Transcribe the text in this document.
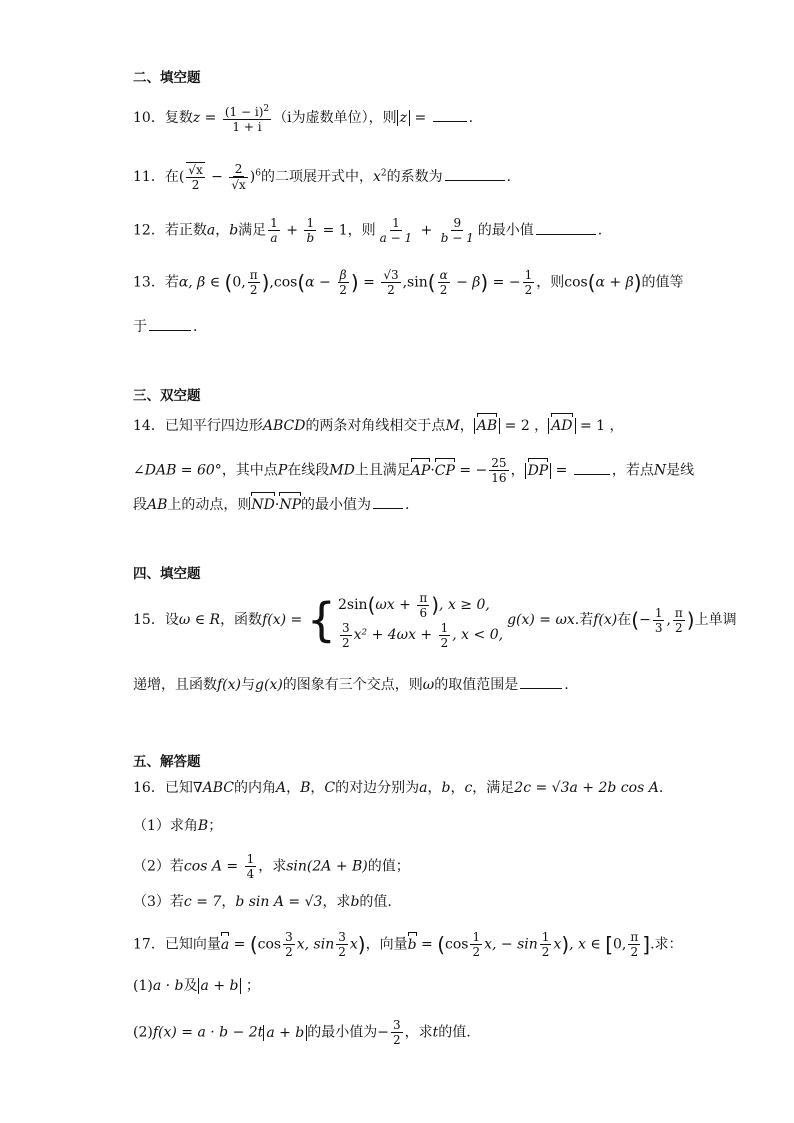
二、填空题
10．复数$z = \frac{(1 - i)^2}{1 + i} (i$为虚数单位），则 z =	.
11．在( $\frac{√x}{2} - \frac{2}{√x} )^6$的二项展开式中，$x^2$的系数为	．
12．若正数a，b满足 $\frac{1}{a} + \frac{1}{b} = 1$，则 $\frac{1}{a - 1} + \frac{9}{b - 1}$ 的最小值	.
13．若α, β ∈ (0, $\frac{\pi}{2} ),\cos(\alpha - \frac{\beta}{2}$ ) = $\frac{√3}{2} ,\sin( \frac{\alpha}{2} - \beta)$ = − $\frac{1}{2}$ ，则cos(α + β)的值等
于	．
三、双空题
14．已知平行四边形ABCD的两条对角线相交于点M， AB = 2 ， AD = 1 ，
∠DAB = 60°，其中点P在线段MD上且满足AP·CP = − $\frac{25}{16}$ ， DP =	，若点N是线
段AB上的动点，则ND·NP的最小值为 .
四、填空题
15．设ω ∈ R，函数f(x) = { $2\sin(\omega x + \frac{\pi}{6}$ ), x ≥ 0,
$\frac{3}{2} x^2 + 4\omega x + \frac{1}{2}$ , x < 0,
g(x) = ωx.若f(x)在(− $\frac{1}{3}$ , $\frac{\pi}{2}$ )上单调
递增，且函数f(x)与g(x)的图象有三个交点，则ω的取值范围是	.
五、解答题
16．已知∇ABC的内角A，B，C的对边分别为a，b，c，满足2c = √3a + 2b cos A.
（1）求角B；
（2）若$\cos A = \frac{1}{4}$ ，求sin(2A + B)的值；
（3）若c = 7，b sin A = √3，求b的值.
17．已知向量$a = (\cos \frac{3}{2} x$, $\sin \frac{3}{2} x$)，向量$b = (\cos \frac{1}{2} x$, − $\sin \frac{1}{2} x$), x ∈ [0, $\frac{\pi}{2}$ ].求：
(1)a · b及 a + b ；
(2)f(x) = a · b − 2t a + b 的最小值为− $\frac{3}{2}$ ，求t的值.
